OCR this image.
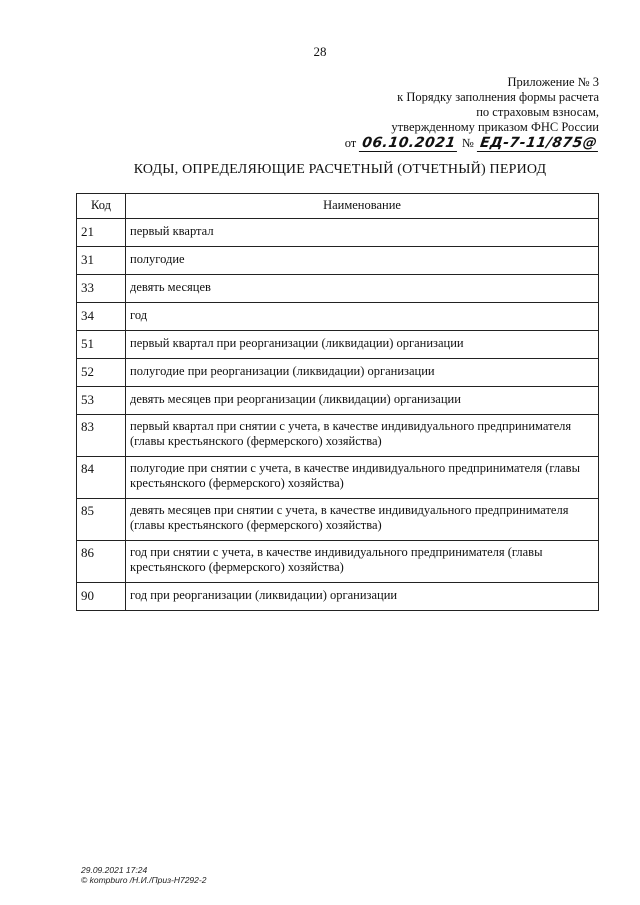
28
Приложение № 3
к Порядку заполнения формы расчета
по страховым взносам,
утвержденному приказом ФНС России
от 06.10.2021 № ЕД-7-11/875@
КОДЫ, ОПРЕДЕЛЯЮЩИЕ РАСЧЕТНЫЙ (ОТЧЕТНЫЙ) ПЕРИОД
Код	Наименование
21	первый квартал
31	полугодие
33	девять месяцев
34	год
51	первый квартал при реорганизации (ликвидации) организации
52	полугодие при реорганизации (ликвидации) организации
53	девять месяцев при реорганизации (ликвидации) организации
83	первый квартал при снятии с учета, в качестве индивидуального предпринимателя (главы крестьянского (фермерского) хозяйства)
84	полугодие при снятии с учета, в качестве индивидуального предпринимателя (главы крестьянского (фермерского) хозяйства)
85	девять месяцев при снятии с учета, в качестве индивидуального предпринимателя (главы крестьянского (фермерского) хозяйства)
86	год при снятии с учета, в качестве индивидуального предпринимателя (главы крестьянского (фермерского) хозяйства)
90	год при реорганизации (ликвидации) организации
29.09.2021 17:24
© kompburo /Н.И./Приз-Н7292-2
